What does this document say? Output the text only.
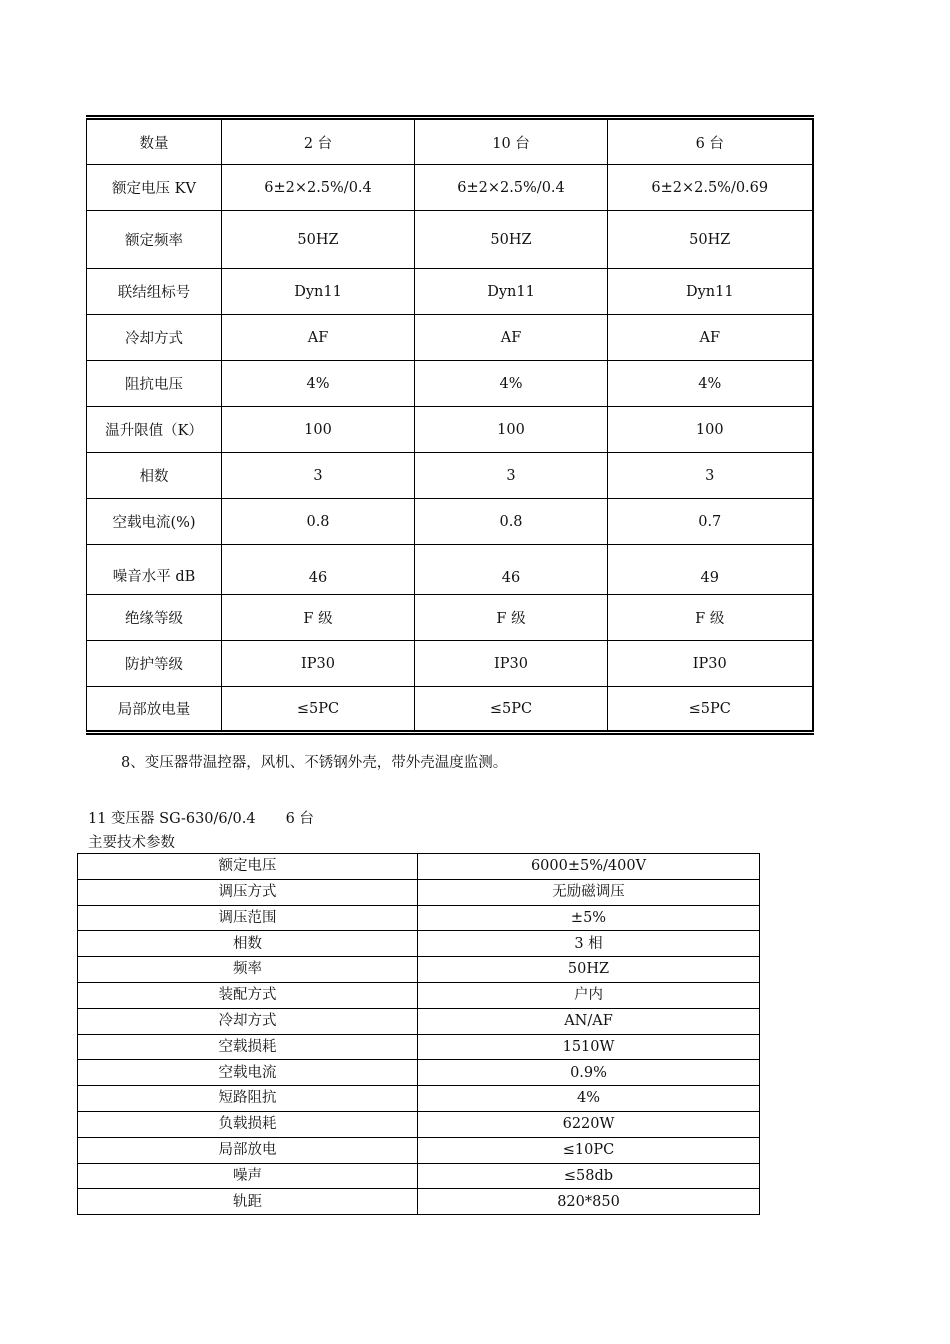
数量	2 台	10 台	6 台
额定电压 KV	6±2×2.5%/0.4	6±2×2.5%/0.4	6±2×2.5%/0.69
额定频率	50HZ	50HZ	50HZ
联结组标号	Dyn11	Dyn11	Dyn11
冷却方式	AF	AF	AF
阻抗电压	4%	4%	4%
温升限值（K）	100	100	100
相数	3	3	3
空载电流(%)	0.8	0.8	0.7
噪音水平 dB	46	46	49
绝缘等级	F 级	F 级	F 级
防护等级	IP30	IP30	IP30
局部放电量	≤5PC	≤5PC	≤5PC
8、变压器带温控器，风机、不锈钢外壳，带外壳温度监测。
11 变压器 SG-630/6/0.4 6 台
主要技术参数
额定电压	6000±5%/400V
调压方式	无励磁调压
调压范围	±5%
相数	3 相
频率	50HZ
装配方式	户内
冷却方式	AN/AF
空载损耗	1510W
空载电流	0.9%
短路阻抗	4%
负载损耗	6220W
局部放电	≤10PC
噪声	≤58db
轨距	820*850
